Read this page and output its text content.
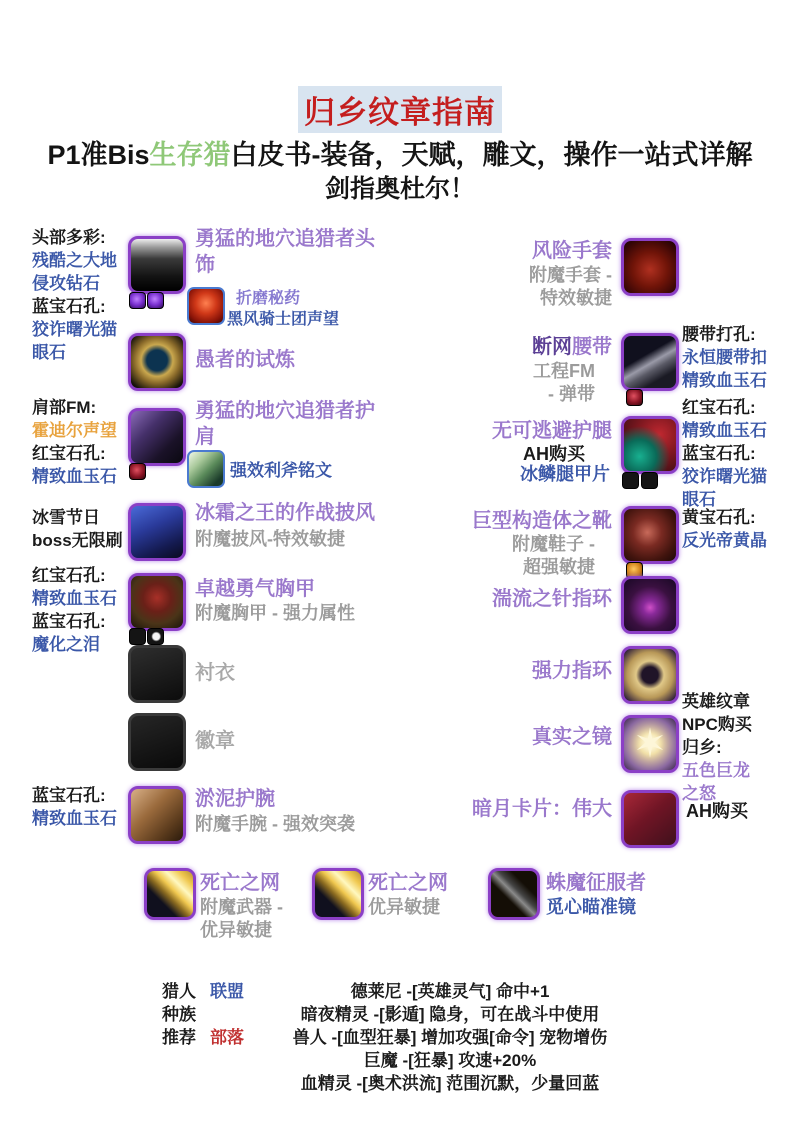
归乡纹章指南
P1准Bis生存猎白皮书-装备，天赋，雕文，操作一站式详解
剑指奥杜尔！
头部多彩:
残酷之大地侵攻钻石
蓝宝石孔:
狡诈曙光猫眼石
肩部FM:
霍迪尔声望
红宝石孔:
精致血玉石
冰雪节日
boss无限刷
红宝石孔:
精致血玉石
蓝宝石孔:
魔化之泪
蓝宝石孔:
精致血玉石
勇猛的地穴追猎者头饰
折磨秘药
黑风骑士团声望
愚者的试炼
勇猛的地穴追猎者护肩
强效利斧铭文
冰霜之王的作战披风
附魔披风-特效敏捷
卓越勇气胸甲
附魔胸甲 - 强力属性
衬衣
徽章
淤泥护腕
附魔手腕 - 强效突袭
风险手套
附魔手套 -
特效敏捷
断网腰带
工程FM
- 弹带
腰带打孔:
永恒腰带扣
精致血玉石
无可逃避护腿
AH购买
冰鳞腿甲片
红宝石孔:
精致血玉石
蓝宝石孔:
狡诈曙光猫眼石
巨型构造体之靴
附魔鞋子 -
超强敏捷
黄宝石孔:
反光帝黄晶
湍流之针指环
强力指环
✶
真实之镜
英雄纹章
NPC购买
归乡:
五色巨龙之怒
暗月卡片：伟大	AH购买
死亡之网
附魔武器 -
优异敏捷
死亡之网
优异敏捷
蛛魔征服者
觅心瞄准镜
猎人 联盟
种族
推荐 部落
德莱尼 -[英雄灵气] 命中+1
暗夜精灵 -[影遁] 隐身，可在战斗中使用
兽人 -[血型狂暴] 增加攻强[命令] 宠物增伤
巨魔 -[狂暴] 攻速+20%
血精灵 -[奥术洪流] 范围沉默，少量回蓝
